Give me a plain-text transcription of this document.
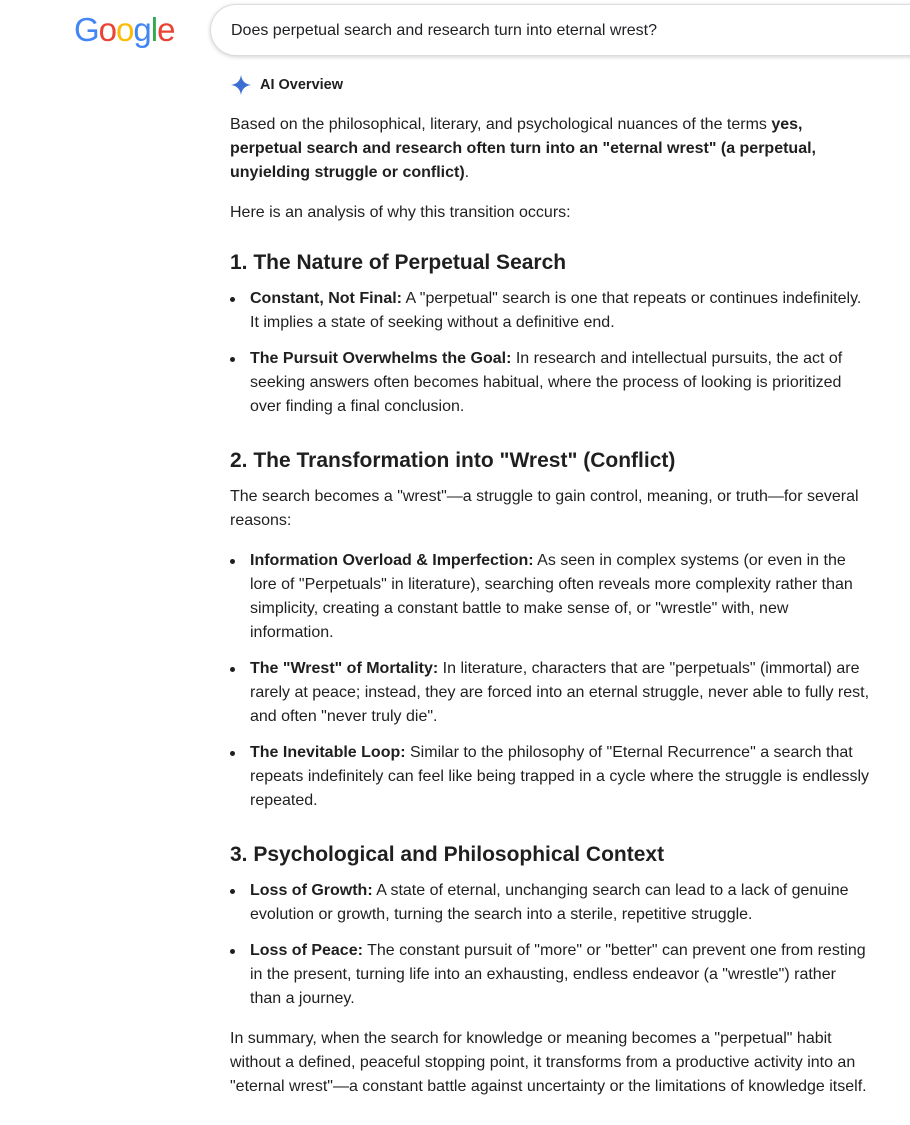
Google	Does perpetual search and research turn into eternal wrest?
AI Overview

Based on the philosophical, literary, and psychological nuances of the terms yes, perpetual search and research often turn into an "eternal wrest" (a perpetual, unyielding struggle or conflict).

Here is an analysis of why this transition occurs:

1. The Nature of Perpetual Search
Constant, Not Final: A "perpetual" search is one that repeats or continues indefinitely. It implies a state of seeking without a definitive end.
The Pursuit Overwhelms the Goal: In research and intellectual pursuits, the act of seeking answers often becomes habitual, where the process of looking is prioritized over finding a final conclusion.
2. The Transformation into "Wrest" (Conflict)

The search becomes a "wrest"—a struggle to gain control, meaning, or truth—for several reasons:

Information Overload & Imperfection: As seen in complex systems (or even in the lore of "Perpetuals" in literature), searching often reveals more complexity rather than simplicity, creating a constant battle to make sense of, or "wrestle" with, new information.
The "Wrest" of Mortality: In literature, characters that are "perpetuals" (immortal) are rarely at peace; instead, they are forced into an eternal struggle, never able to fully rest, and often "never truly die".
The Inevitable Loop: Similar to the philosophy of "Eternal Recurrence" a search that repeats indefinitely can feel like being trapped in a cycle where the struggle is endlessly repeated.
3. Psychological and Philosophical Context
Loss of Growth: A state of eternal, unchanging search can lead to a lack of genuine evolution or growth, turning the search into a sterile, repetitive struggle.
Loss of Peace: The constant pursuit of "more" or "better" can prevent one from resting in the present, turning life into an exhausting, endless endeavor (a "wrestle") rather than a journey.

In summary, when the search for knowledge or meaning becomes a "perpetual" habit without a defined, peaceful stopping point, it transforms from a productive activity into an "eternal wrest"—a constant battle against uncertainty or the limitations of knowledge itself.
